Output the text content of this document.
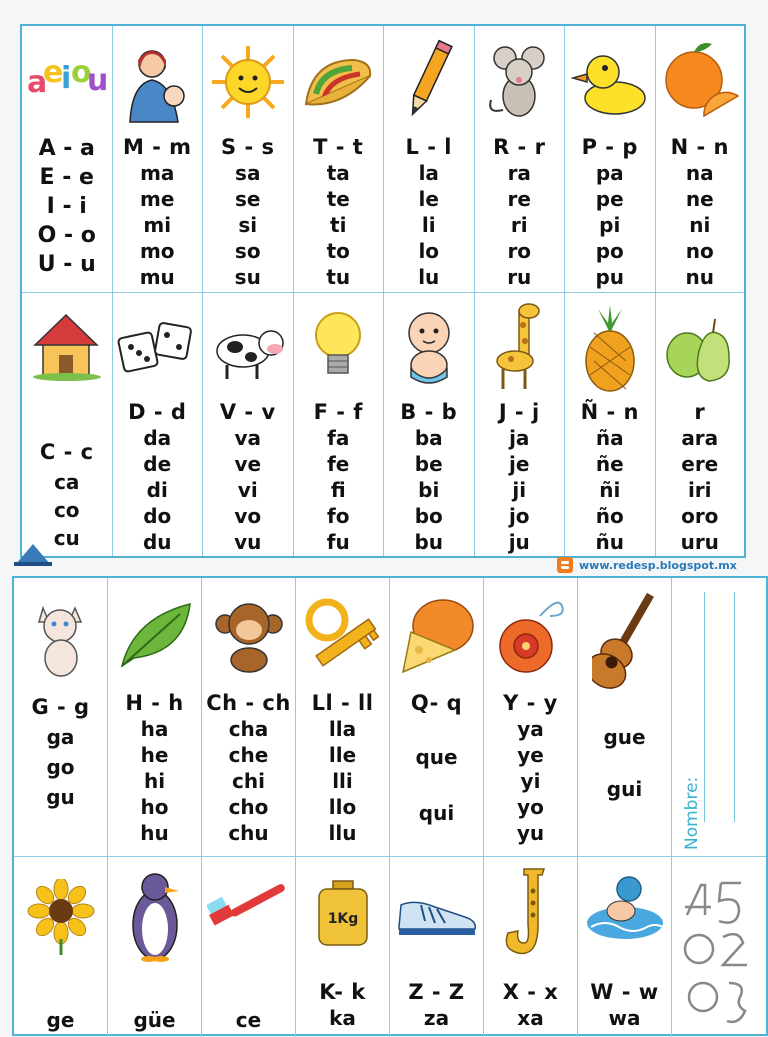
a
e
i o
u
A - a
E - e
I - i
O - o
U - u
M - m
ma
me
mi
mo
mu
S - s
sa
se
si
so
su
T - t
ta
te
ti
to
tu
L - l
la
le
li
lo
lu
R - r
ra
re
ri
ro
ru
P - p
pa
pe
pi
po
pu
N - n
na
ne
ni
no
nu
C - c
ca
co
cu
D - d
da
de
di
do
du
V - v
va
ve
vi
vo
vu
F - f
fa
fe
fi
fo
fu
B - b
ba
be
bi
bo
bu
J - j
ja
je
ji
jo
ju
Ñ - n
ña
ñe
ñi
ño
ñu
r
ara
ere
iri
oro
uru
www.redesp.blogspot.mx
G - g
ga
go
gu
H - h
ha
he
hi
ho
hu
Ch - ch
cha
che
chi
cho
chu
Ll - ll
lla
lle
lli
llo
llu
Q- q
que
qui
Y - y
ya
ye
yi
yo
yu
gue
gui	Nombre:
ge	güe	ce
1Kg
K- k
ka
Z - Z
za
X - x
xa
W - w
wa
